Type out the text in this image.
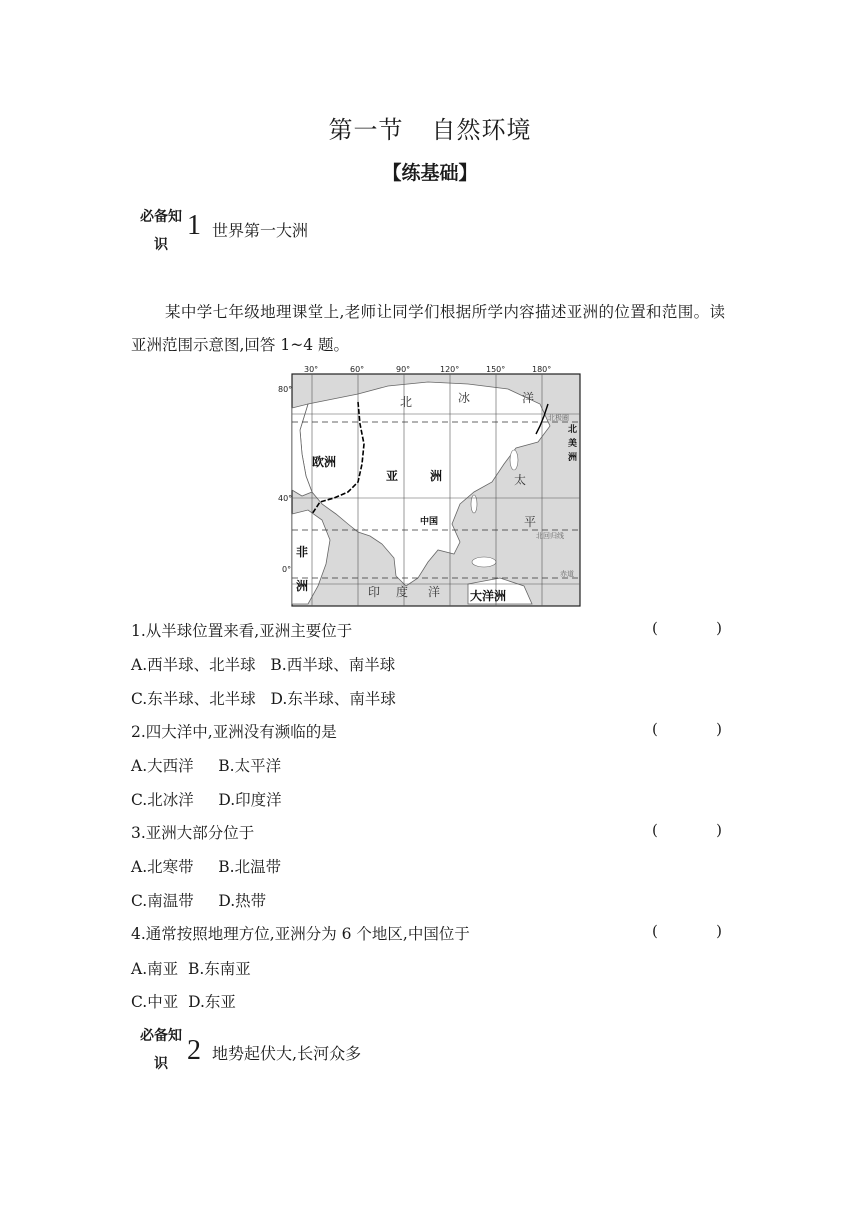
第一节 自然环境
【练基础】
必备知
识
1 世界第一大洲
某中学七年级地理课堂上,老师让同学们根据所学内容描述亚洲的位置和范围。读亚洲范围示意图,回答 1~4 题。
30°	60°	90°	120°	150°	180°
80°
40°
0°
北	冰	洋
太
平
印 度 洋
欧洲
亚	洲
非
洲
大洋洲
中国
北
美
洲
北极圈
北回归线
赤道
1.从半球位置来看,亚洲主要位于	(	)
A.西半球、北半球   B.西半球、南半球
C.东半球、北半球   D.东半球、南半球
2.四大洋中,亚洲没有濒临的是	(	)
A.大西洋     B.太平洋
C.北冰洋     D.印度洋
3.亚洲大部分位于	(	)
A.北寒带     B.北温带
C.南温带     D.热带
4.通常按照地理方位,亚洲分为 6 个地区,中国位于	(	)
A.南亚  B.东南亚
C.中亚  D.东亚
必备知
识 2 地势起伏大,长河众多
